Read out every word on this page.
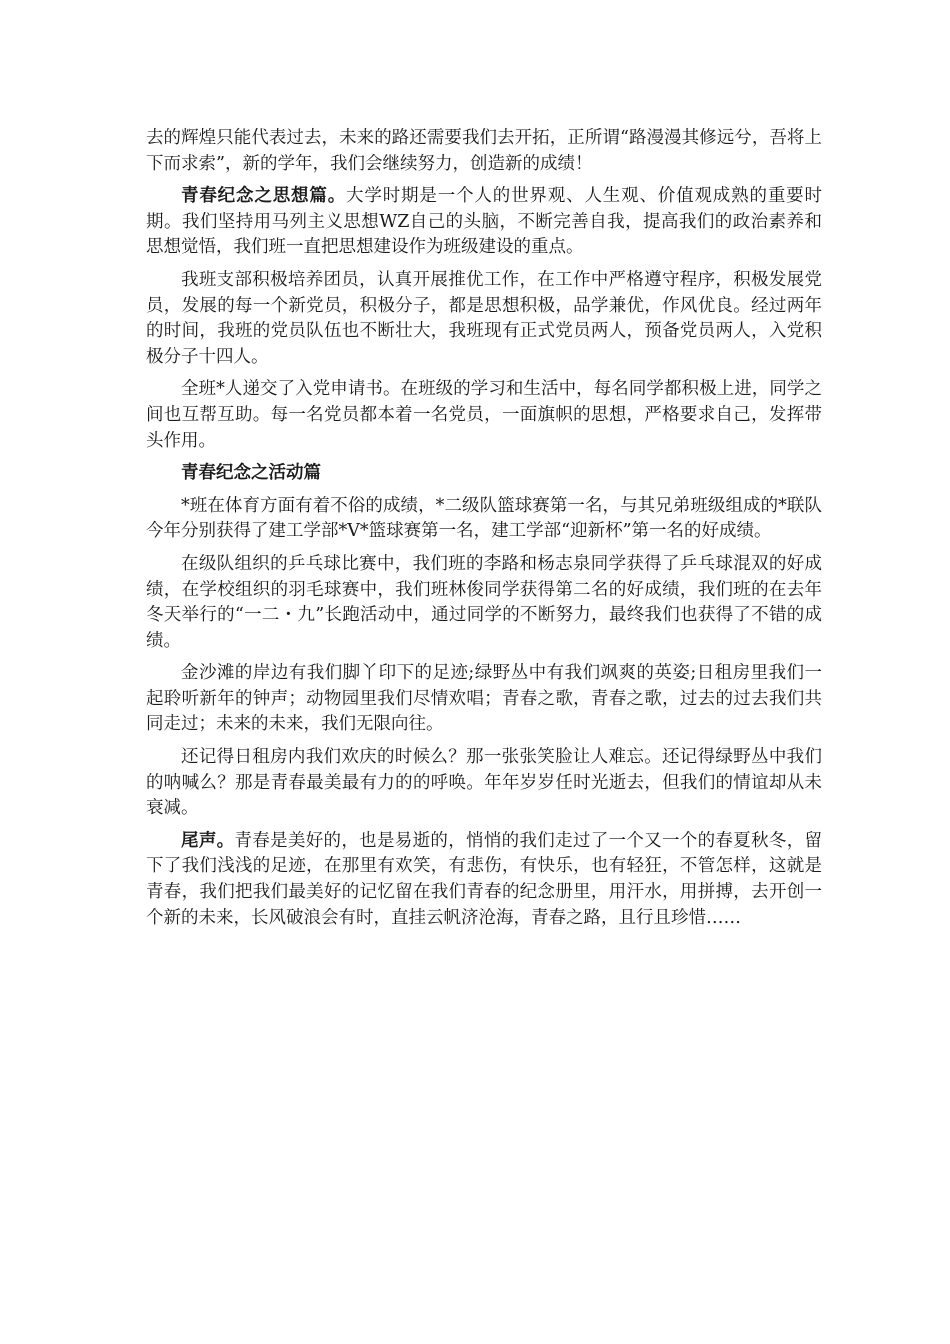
去的辉煌只能代表过去，未来的路还需要我们去开拓，正所谓“路漫漫其修远兮，吾将上下而求索”，新的学年，我们会继续努力，创造新的成绩！

青春纪念之思想篇。大学时期是一个人的世界观、人生观、价值观成熟的重要时期。我们坚持用马列主义思想WZ自己的头脑，不断完善自我，提高我们的政治素养和思想觉悟，我们班一直把思想建设作为班级建设的重点。

我班支部积极培养团员，认真开展推优工作，在工作中严格遵守程序，积极发展党员，发展的每一个新党员，积极分子，都是思想积极，品学兼优，作风优良。经过两年的时间，我班的党员队伍也不断壮大，我班现有正式党员两人，预备党员两人，入党积极分子十四人。

全班*人递交了入党申请书。在班级的学习和生活中，每名同学都积极上进，同学之间也互帮互助。每一名党员都本着一名党员，一面旗帜的思想，严格要求自己，发挥带头作用。

青春纪念之活动篇

*班在体育方面有着不俗的成绩，*二级队篮球赛第一名，与其兄弟班级组成的*联队今年分别获得了建工学部*V*篮球赛第一名，建工学部“迎新杯”第一名的好成绩。

在级队组织的乒乓球比赛中，我们班的李路和杨志泉同学获得了乒乓球混双的好成绩，在学校组织的羽毛球赛中，我们班林俊同学获得第二名的好成绩，我们班的在去年冬天举行的“一二・九”长跑活动中，通过同学的不断努力，最终我们也获得了不错的成绩。

金沙滩的岸边有我们脚丫印下的足迹;绿野丛中有我们飒爽的英姿;日租房里我们一起聆听新年的钟声；动物园里我们尽情欢唱；青春之歌，青春之歌，过去的过去我们共同走过；未来的未来，我们无限向往。

还记得日租房内我们欢庆的时候么？那一张张笑脸让人难忘。还记得绿野丛中我们的呐喊么？那是青春最美最有力的的呼唤。年年岁岁任时光逝去，但我们的情谊却从未衰减。

尾声。青春是美好的，也是易逝的，悄悄的我们走过了一个又一个的春夏秋冬，留下了我们浅浅的足迹，在那里有欢笑，有悲伤，有快乐，也有轻狂，不管怎样，这就是青春，我们把我们最美好的记忆留在我们青春的纪念册里，用汗水，用拼搏，去开创一个新的未来，长风破浪会有时，直挂云帆济沧海，青春之路，且行且珍惜……
